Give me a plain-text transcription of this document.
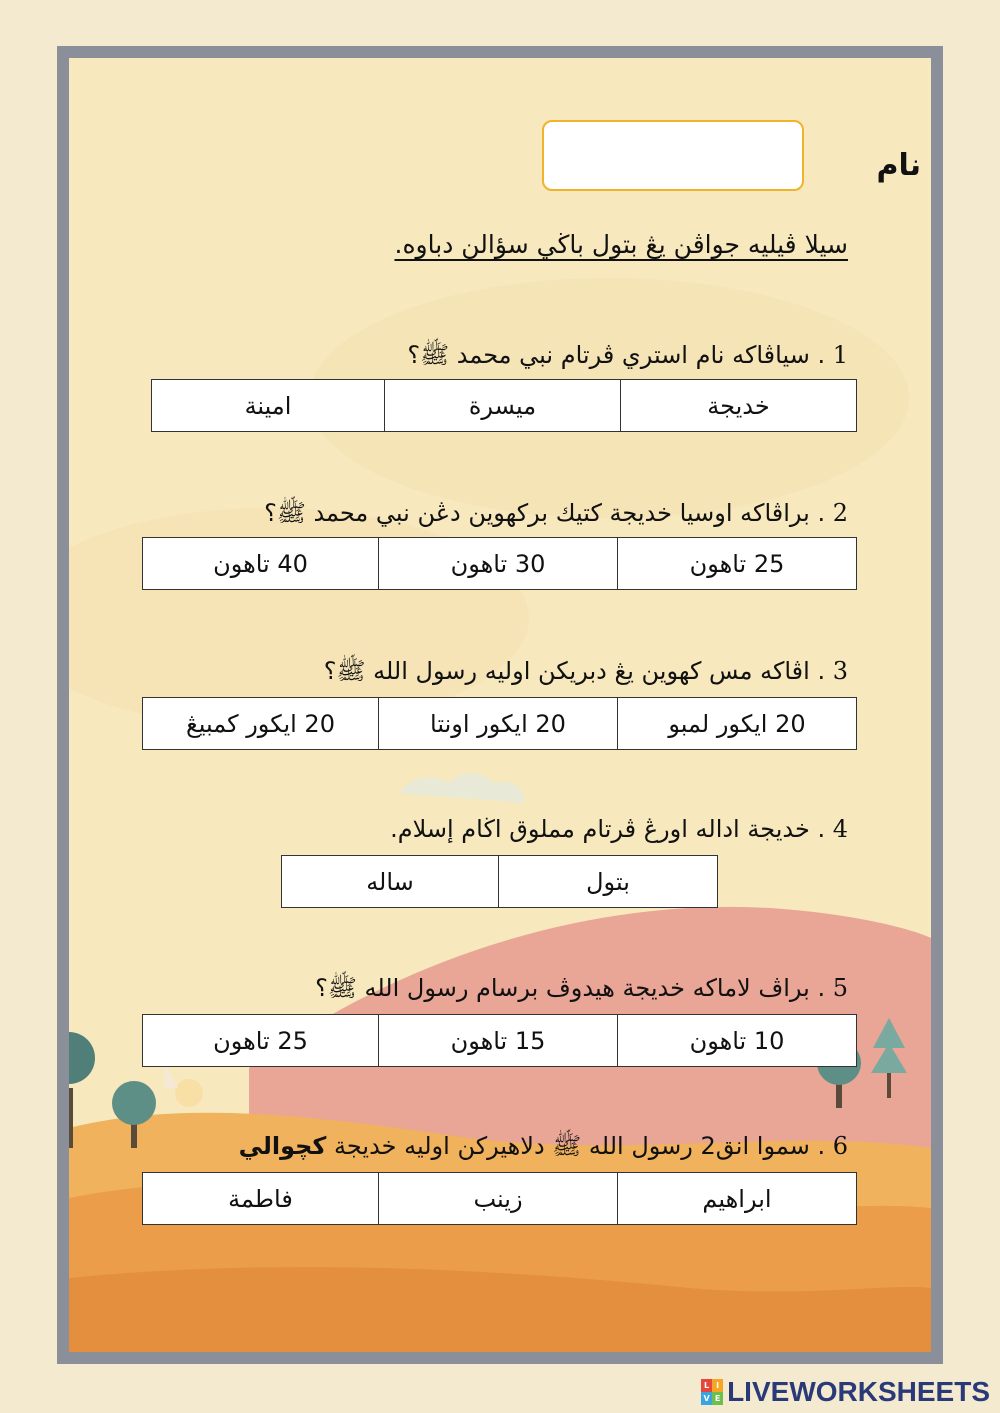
نام
سيلا ڤيليه جواڤن يڠ بتول باڬي سؤالن دباوه.
1 . سياڤاكه نام استري ڤرتام نبي محمد ﷺ؟
خديجة	ميسرة	امينة
2 . براڤاكه اوسيا خديجة كتيك بركهوين دڠن نبي محمد ﷺ؟
25 تاهون	30 تاهون	40 تاهون
3 . اڤاكه مس كهوين يڠ دبريكن اوليه رسول الله ﷺ؟
20 ايكور لمبو	20 ايكور اونتا	20 ايكور كمبيڠ
4 . خديجة اداله اورڠ ڤرتام مملوق اڬام إسلام.
بتول	ساله
5 . براڤ لاماكه خديجة هيدوڤ برسام رسول الله ﷺ؟
10 تاهون	15 تاهون	25 تاهون
6 . سموا انق2 رسول الله ﷺ دلاهيركن اوليه خديجة كچوالي
ابراهيم	زينب	فاطمة
L I
V E LIVEWORKSHEETS
